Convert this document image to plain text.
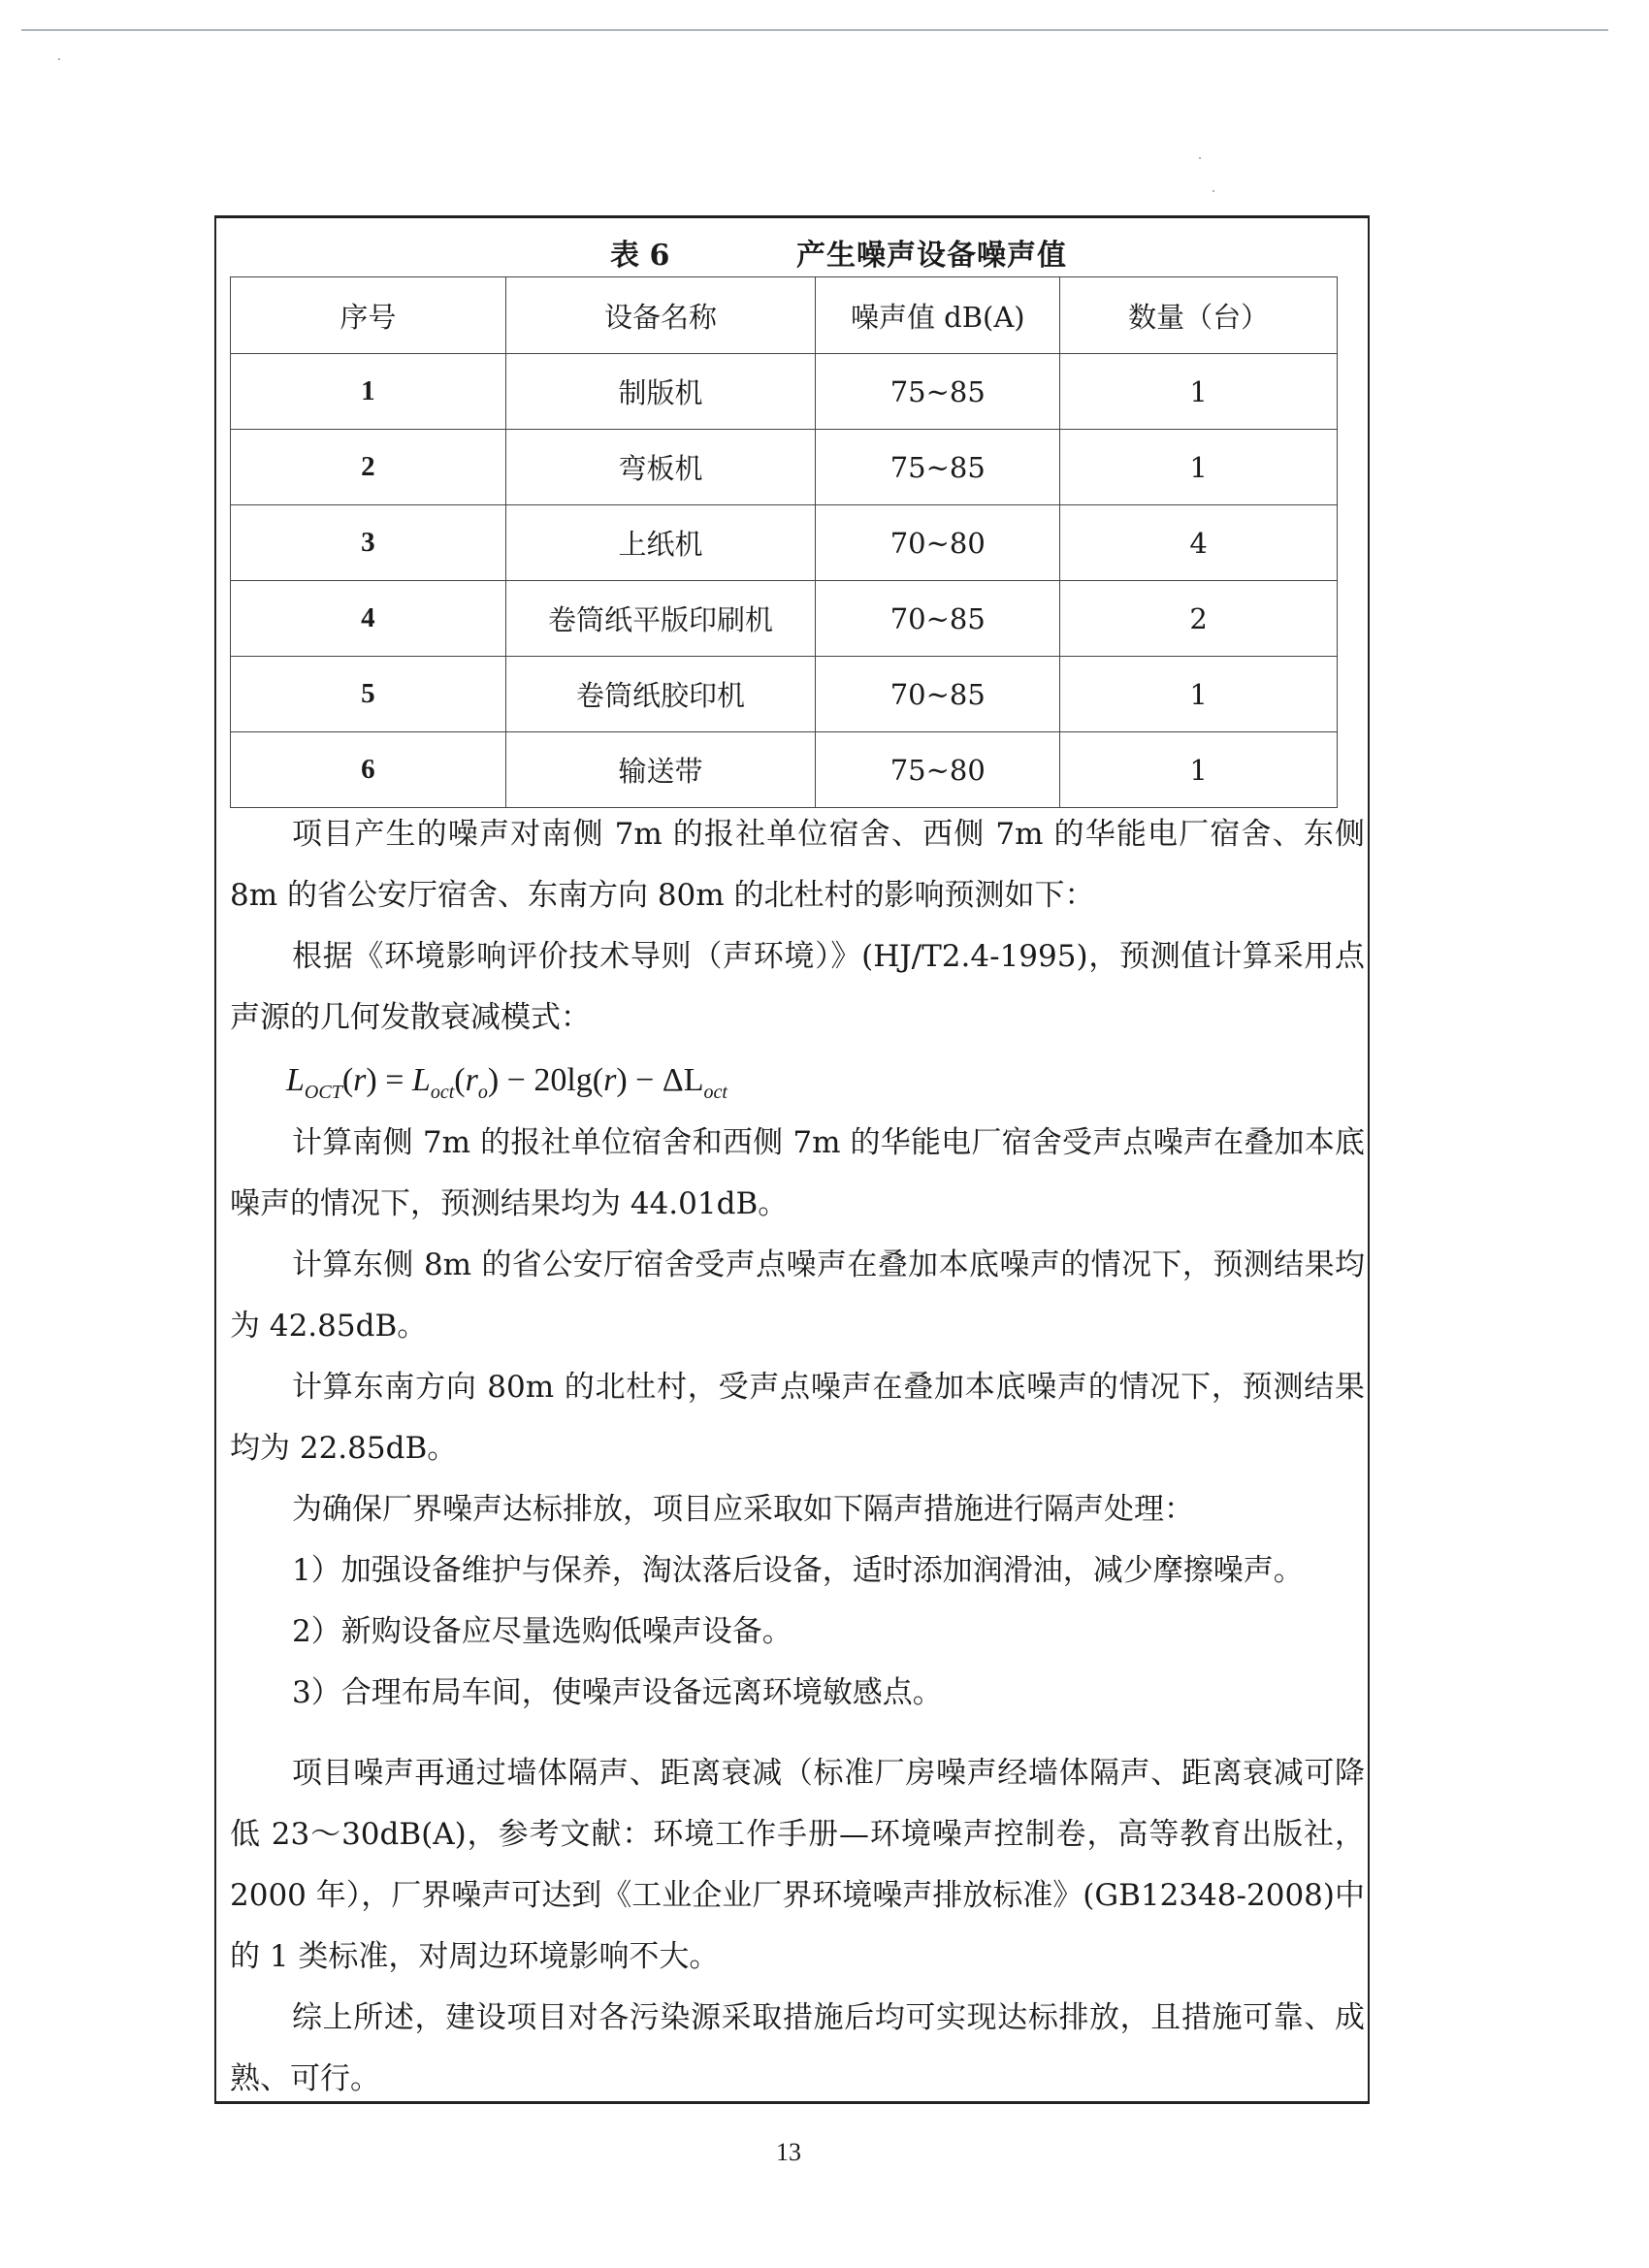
表 6	产生噪声设备噪声值
序号	设备名称	噪声值 dB(A)	数量（台）
1	制版机	75~85	1
2	弯板机	75~85	1
3	上纸机	70~80	4
4	卷筒纸平版印刷机	70~85	2
5	卷筒纸胶印机	70~85	1
6	输送带	75~80	1

项目产生的噪声对南侧 7m 的报社单位宿舍、西侧 7m 的华能电厂宿舍、东侧 8m 的省公安厅宿舍、东南方向 80m 的北杜村的影响预测如下：

根据《环境影响评价技术导则（声环境）》(HJ/T2.4-1995)，预测值计算采用点声源的几何发散衰减模式：

$L_{OCT}(r) = L_{oct}(r_o) - 20\lg(r) - \Delta L_{oct}$

计算南侧 7m 的报社单位宿舍和西侧 7m 的华能电厂宿舍受声点噪声在叠加本底噪声的情况下，预测结果均为 44.01dB。

计算东侧 8m 的省公安厅宿舍受声点噪声在叠加本底噪声的情况下，预测结果均为 42.85dB。

计算东南方向 80m 的北杜村，受声点噪声在叠加本底噪声的情况下，预测结果均为 22.85dB。

为确保厂界噪声达标排放，项目应采取如下隔声措施进行隔声处理：

1）加强设备维护与保养，淘汰落后设备，适时添加润滑油，减少摩擦噪声。

2）新购设备应尽量选购低噪声设备。

3）合理布局车间，使噪声设备远离环境敏感点。

项目噪声再通过墙体隔声、距离衰减（标准厂房噪声经墙体隔声、距离衰减可降低 23～30dB(A)，参考文献：环境工作手册—环境噪声控制卷，高等教育出版社，2000 年），厂界噪声可达到《工业企业厂界环境噪声排放标准》(GB12348-2008)中的 1 类标准，对周边环境影响不大。

综上所述，建设项目对各污染源采取措施后均可实现达标排放，且措施可靠、成熟、可行。

13
